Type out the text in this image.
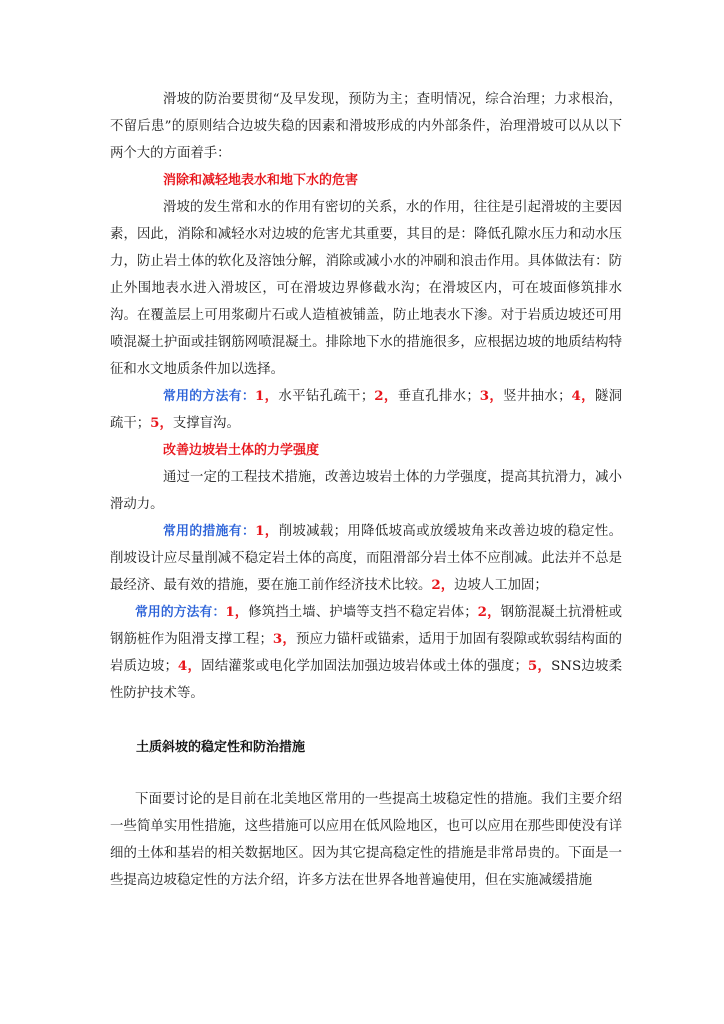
滑坡的防治要贯彻“及早发现，预防为主；查明情况，综合治理；力求根治，不留后患”的原则结合边坡失稳的因素和滑坡形成的内外部条件，治理滑坡可以从以下两个大的方面着手：

消除和减轻地表水和地下水的危害

滑坡的发生常和水的作用有密切的关系，水的作用，往往是引起滑坡的主要因素，因此，消除和减轻水对边坡的危害尤其重要，其目的是：降低孔隙水压力和动水压力，防止岩土体的软化及溶蚀分解，消除或减小水的冲刷和浪击作用。具体做法有：防止外围地表水进入滑坡区，可在滑坡边界修截水沟；在滑坡区内，可在坡面修筑排水沟。在覆盖层上可用浆砌片石或人造植被铺盖，防止地表水下渗。对于岩质边坡还可用喷混凝土护面或挂钢筋网喷混凝土。排除地下水的措施很多，应根据边坡的地质结构特征和水文地质条件加以选择。

常用的方法有：1，水平钻孔疏干；2，垂直孔排水；3，竖井抽水；4，隧洞疏干；5，支撑盲沟。

改善边坡岩土体的力学强度

通过一定的工程技术措施，改善边坡岩土体的力学强度，提高其抗滑力，减小滑动力。

常用的措施有：1，削坡减载；用降低坡高或放缓坡角来改善边坡的稳定性。削坡设计应尽量削减不稳定岩土体的高度，而阻滑部分岩土体不应削减。此法并不总是最经济、最有效的措施，要在施工前作经济技术比较。2，边坡人工加固；

常用的方法有：1，修筑挡土墙、护墙等支挡不稳定岩体；2，钢筋混凝土抗滑桩或钢筋桩作为阻滑支撑工程；3，预应力锚杆或锚索，适用于加固有裂隙或软弱结构面的岩质边坡；4，固结灌浆或电化学加固法加强边坡岩体或土体的强度；5，SNS边坡柔性防护技术等。

土质斜坡的稳定性和防治措施

下面要讨论的是目前在北美地区常用的一些提高土坡稳定性的措施。我们主要介绍一些简单实用性措施，这些措施可以应用在低风险地区，也可以应用在那些即使没有详细的土体和基岩的相关数据地区。因为其它提高稳定性的措施是非常昂贵的。下面是一些提高边坡稳定性的方法介绍，许多方法在世界各地普遍使用，但在实施减缓措施
